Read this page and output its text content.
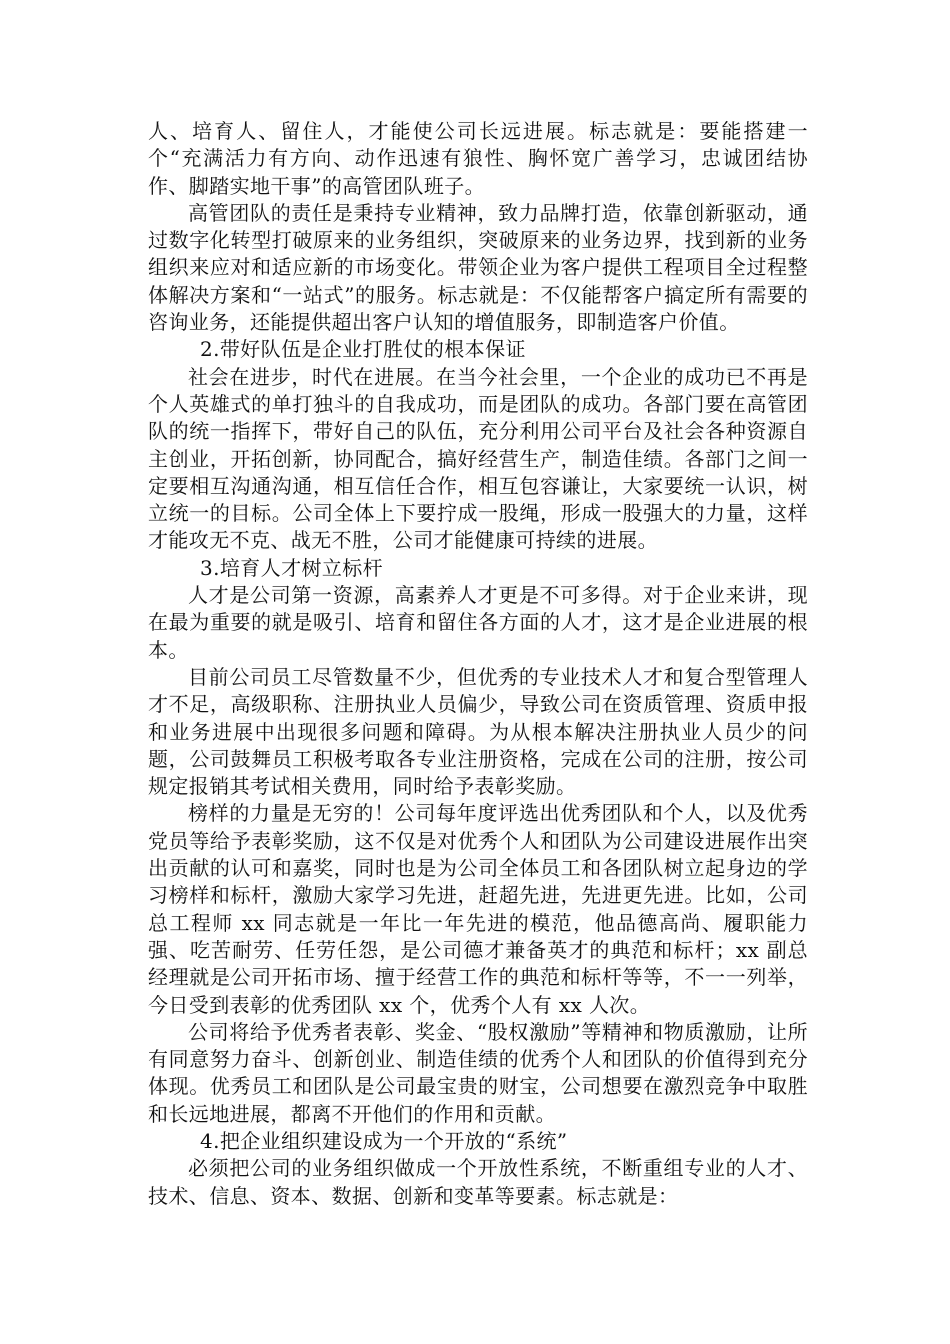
人、培育人、留住人，才能使公司长远进展。标志就是：要能搭建一个“充满活力有方向、动作迅速有狼性、胸怀宽广善学习，忠诚团结协作、脚踏实地干事”的高管团队班子。

高管团队的责任是秉持专业精神，致力品牌打造，依靠创新驱动，通过数字化转型打破原来的业务组织，突破原来的业务边界，找到新的业务组织来应对和适应新的市场变化。带领企业为客户提供工程项目全过程整体解决方案和“一站式”的服务。标志就是：不仅能帮客户搞定所有需要的咨询业务，还能提供超出客户认知的增值服务，即制造客户价值。

2.带好队伍是企业打胜仗的根本保证

社会在进步，时代在进展。在当今社会里，一个企业的成功已不再是个人英雄式的单打独斗的自我成功，而是团队的成功。各部门要在高管团队的统一指挥下，带好自己的队伍，充分利用公司平台及社会各种资源自主创业，开拓创新，协同配合，搞好经营生产，制造佳绩。各部门之间一定要相互沟通沟通，相互信任合作，相互包容谦让，大家要统一认识，树立统一的目标。公司全体上下要拧成一股绳，形成一股强大的力量，这样才能攻无不克、战无不胜，公司才能健康可持续的进展。

3.培育人才树立标杆

人才是公司第一资源，高素养人才更是不可多得。对于企业来讲，现在最为重要的就是吸引、培育和留住各方面的人才，这才是企业进展的根本。

目前公司员工尽管数量不少，但优秀的专业技术人才和复合型管理人才不足，高级职称、注册执业人员偏少，导致公司在资质管理、资质申报和业务进展中出现很多问题和障碍。为从根本解决注册执业人员少的问题，公司鼓舞员工积极考取各专业注册资格，完成在公司的注册，按公司规定报销其考试相关费用，同时给予表彰奖励。

榜样的力量是无穷的！公司每年度评选出优秀团队和个人，以及优秀党员等给予表彰奖励，这不仅是对优秀个人和团队为公司建设进展作出突出贡献的认可和嘉奖，同时也是为公司全体员工和各团队树立起身边的学习榜样和标杆，激励大家学习先进，赶超先进，先进更先进。比如，公司总工程师 xx 同志就是一年比一年先进的模范，他品德高尚、履职能力强、吃苦耐劳、任劳任怨，是公司德才兼备英才的典范和标杆；xx 副总经理就是公司开拓市场、擅于经营工作的典范和标杆等等，不一一列举，今日受到表彰的优秀团队 xx 个，优秀个人有 xx 人次。

公司将给予优秀者表彰、奖金、“股权激励”等精神和物质激励，让所有同意努力奋斗、创新创业、制造佳绩的优秀个人和团队的价值得到充分体现。优秀员工和团队是公司最宝贵的财宝，公司想要在激烈竞争中取胜和长远地进展，都离不开他们的作用和贡献。

4.把企业组织建设成为一个开放的“系统”

必须把公司的业务组织做成一个开放性系统，不断重组专业的人才、技术、信息、资本、数据、创新和变革等要素。标志就是：
